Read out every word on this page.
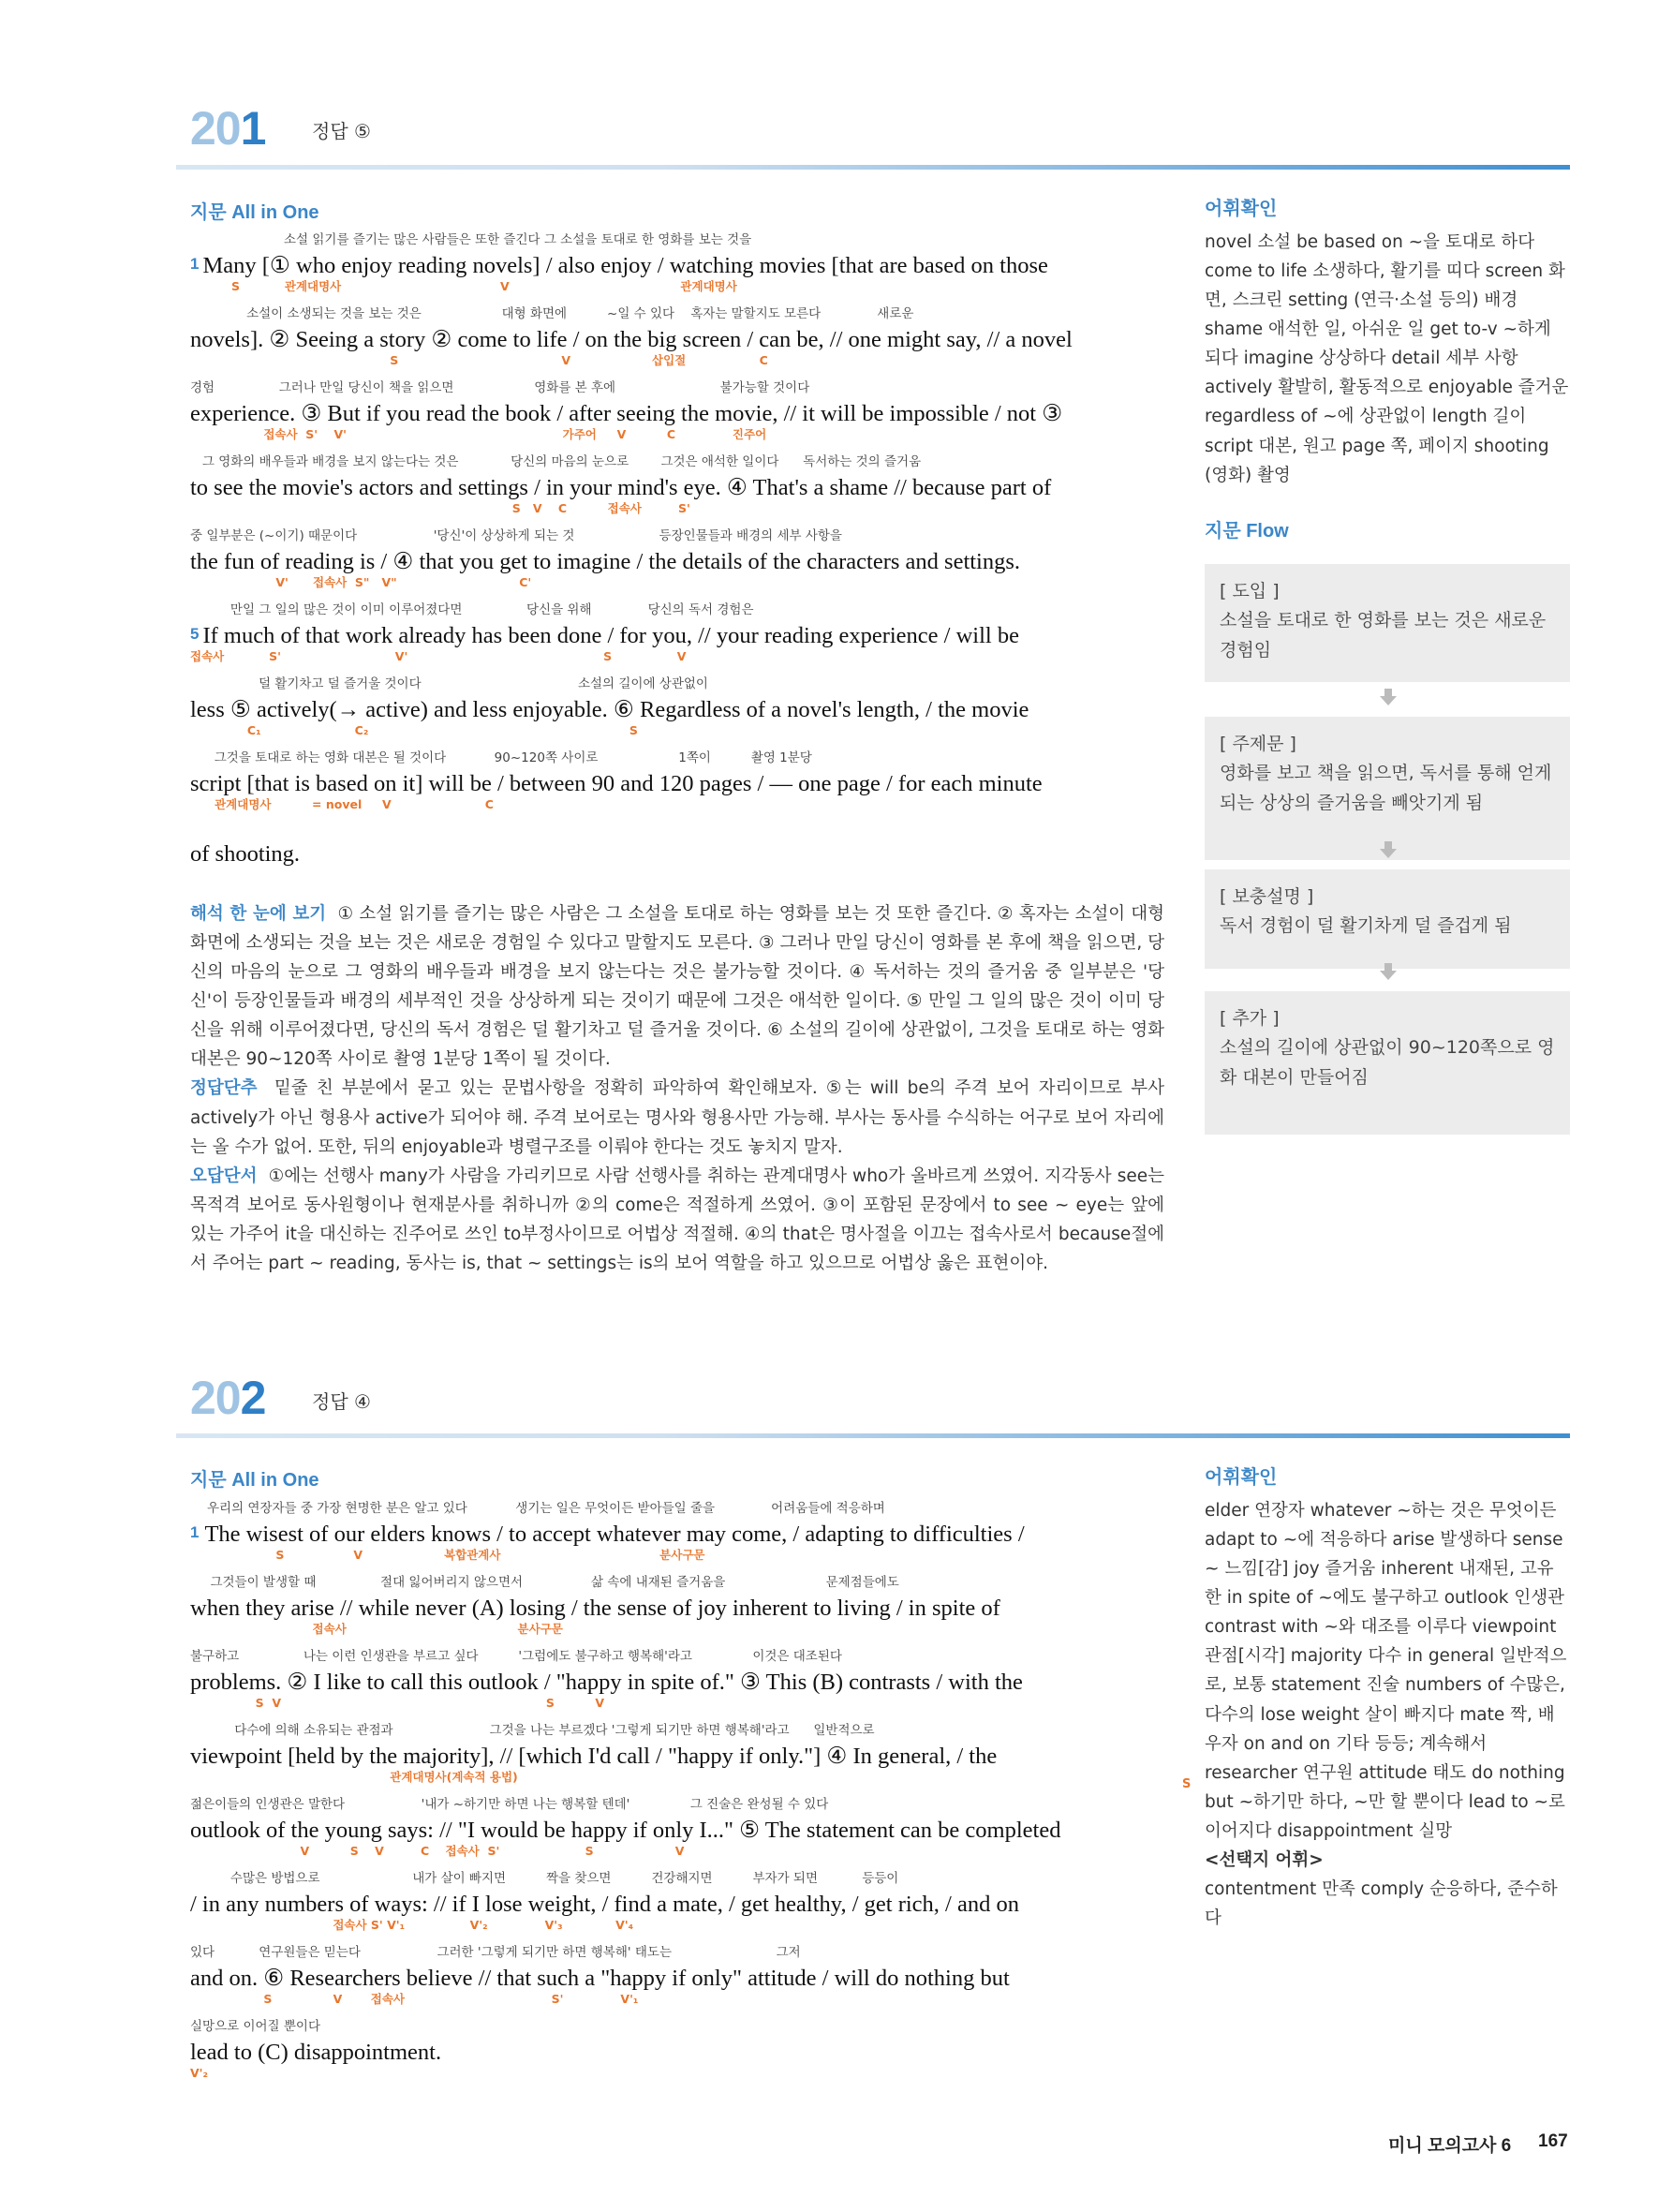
201 정답 ⑤
지문 All in One
소설 읽기를 즐기는 많은 사람들은 또한 즐긴다 그 소설을 토대로 한 영화를 보는 것을
1 Many [① who enjoy reading novels] / also enjoy / watching movies [that are based on those
S           관계대명사                                       V                                          관계대명사
소설이 소생되는 것을 보는 것은                    대형 화면에          ~일 수 있다    혹자는 말할지도 모른다              새로운
novels]. ② Seeing a story ② come to life / on the big screen / can be, // one might say, // a novel
S                                        V                    삽입절                  C
경험                그러나 만일 당신이 책을 읽으면                    영화를 본 후에                          불가능할 것이다
experience. ③ But if you read the book / after seeing the movie, // it will be impossible / not ③
접속사  S'    V'                                                     가주어     V          C              진주어
그 영화의 배우들과 배경을 보지 않는다는 것은             당신의 마음의 눈으로        그것은 애석한 일이다      독서하는 것의 즐거움
to see the movie's actors and settings / in your mind's eye. ④ That's a shame // because part of
S   V    C          접속사         S'
중 일부분은 (~이기) 때문이다                   '당신'이 상상하게 되는 것                     등장인물들과 배경의 세부 사항을
the fun of reading is / ④ that you get to imagine / the details of the characters and settings.
V'      접속사  S"   V"                              C'
만일 그 일의 많은 것이 이미 이루어졌다면                당신을 위해              당신의 독서 경험은
5 If much of that work already has been done / for you, // your reading experience / will be
접속사           S'                            V'                                                S                V
덜 활기차고 덜 즐거울 것이다                                       소설의 길이에 상관없이
less ⑤ actively(→ active) and less enjoyable. ⑥ Regardless of a novel's length, / the movie
C₁                       C₂                                                                S
그것을 토대로 하는 영화 대본은 될 것이다            90~120쪽 사이로                    1쪽이          촬영 1분당
script [that is based on it] will be / between 90 and 120 pages / — one page / for each minute
관계대명사          = novel     V                       C
of shooting.
해석 한 눈에 보기 ① 소설 읽기를 즐기는 많은 사람은 그 소설을 토대로 하는 영화를 보는 것 또한 즐긴다. ② 혹자는 소설이 대형 화면에 소생되는 것을 보는 것은 새로운 경험일 수 있다고 말할지도 모른다. ③ 그러나 만일 당신이 영화를 본 후에 책을 읽으면, 당신의 마음의 눈으로 그 영화의 배우들과 배경을 보지 않는다는 것은 불가능할 것이다. ④ 독서하는 것의 즐거움 중 일부분은 '당신'이 등장인물들과 배경의 세부적인 것을 상상하게 되는 것이기 때문에 그것은 애석한 일이다. ⑤ 만일 그 일의 많은 것이 이미 당신을 위해 이루어졌다면, 당신의 독서 경험은 덜 활기차고 덜 즐거울 것이다. ⑥ 소설의 길이에 상관없이, 그것을 토대로 하는 영화 대본은 90~120쪽 사이로 촬영 1분당 1쪽이 될 것이다.
정답단추 밑줄 친 부분에서 묻고 있는 문법사항을 정확히 파악하여 확인해보자. ⑤는 will be의 주격 보어 자리이므로 부사 actively가 아닌 형용사 active가 되어야 해. 주격 보어로는 명사와 형용사만 가능해. 부사는 동사를 수식하는 어구로 보어 자리에는 올 수가 없어. 또한, 뒤의 enjoyable과 병렬구조를 이뤄야 한다는 것도 놓치지 말자.
오답단서 ①에는 선행사 many가 사람을 가리키므로 사람 선행사를 취하는 관계대명사 who가 올바르게 쓰였어. 지각동사 see는 목적격 보어로 동사원형이나 현재분사를 취하니까 ②의 come은 적절하게 쓰였어. ③이 포함된 문장에서 to see ~ eye는 앞에 있는 가주어 it을 대신하는 진주어로 쓰인 to부정사이므로 어법상 적절해. ④의 that은 명사절을 이끄는 접속사로서 because절에서 주어는 part ~ reading, 동사는 is, that ~ settings는 is의 보어 역할을 하고 있으므로 어법상 옳은 표현이야.
어휘확인
novel 소설 be based on ~을 토대로 하다 come to life 소생하다, 활기를 띠다 screen 화면, 스크린 setting (연극·소설 등의) 배경 shame 애석한 일, 아쉬운 일 get to-v ~하게 되다 imagine 상상하다 detail 세부 사항 actively 활발히, 활동적으로 enjoyable 즐거운 regardless of ~에 상관없이 length 길이 script 대본, 원고 page 쪽, 페이지 shooting (영화) 촬영
지문 Flow
[ 도입 ]
소설을 토대로 한 영화를 보는 것은 새로운 경험임
[ 주제문 ]
영화를 보고 책을 읽으면, 독서를 통해 얻게 되는 상상의 즐거움을 빼앗기게 됨
[ 보충설명 ]
독서 경험이 덜 활기차게 덜 즐겁게 됨
[ 추가 ]
소설의 길이에 상관없이 90~120쪽으로 영화 대본이 만들어짐
202 정답 ④
지문 All in One
우리의 연장자들 중 가장 현명한 분은 알고 있다            생기는 일은 무엇이든 받아들일 줄을              어려움들에 적응하며
1 The wisest of our elders knows / to accept whatever may come, / adapting to difficulties /
S                 V                    복합관계사                                       분사구문
그것들이 발생할 때                절대 잃어버리지 않으면서                 삶 속에 내재된 즐거움을                         문제점들에도
when they arise // while never (A) losing / the sense of joy inherent to living / in spite of
접속사                                          분사구문
불구하고                나는 이런 인생관을 부르고 싶다          '그럼에도 불구하고 행복해'라고               이것은 대조된다
problems. ② I like to call this outlook / "happy in spite of." ③ This (B) contrasts / with the
S  V                                                                 S          V
다수에 의해 소유되는 관점과                        그것을 나는 부르겠다 '그렇게 되기만 하면 행복해'라고      일반적으로
viewpoint [held by the majority], // [which I'd call / "happy if only."] ④ In general, / the
관계대명사(계속적 용법)
젊은이들의 인생관은 말한다                   '내가 ~하기만 하면 나는 행복할 텐데'               그 진술은 완성될 수 있다
outlook of the young says: // "I would be happy if only I..." ⑤ The statement can be completed
V          S    V         C    접속사  S'                     S                    V
수많은 방법으로                       내가 살이 빠지면          짝을 찾으면          건강해지면          부자가 되면           등등이
/ in any numbers of ways: // if I lose weight, / find a mate, / get healthy, / get rich, / and on
접속사 S' V'₁                V'₂              V'₃             V'₄
있다           연구원들은 믿는다                   그러한 '그렇게 되기만 하면 행복해' 태도는                          그저
and on. ⑥ Researchers believe // that such a "happy if only" attitude / will do nothing but
S               V       접속사                                    S'              V'₁
실망으로 이어질 뿐이다
lead to (C) disappointment.
V'₂
어휘확인
S
elder 연장자 whatever ~하는 것은 무엇이든 adapt to ~에 적응하다 arise 발생하다 sense ~ 느낌[감] joy 즐거움 inherent 내재된, 고유한 in spite of ~에도 불구하고 outlook 인생관 contrast with ~와 대조를 이루다 viewpoint 관점[시각] majority 다수 in general 일반적으로, 보통 statement 진술 numbers of 수많은, 다수의 lose weight 살이 빠지다 mate 짝, 배우자 on and on 기타 등등; 계속해서 researcher 연구원 attitude 태도 do nothing but ~하기만 하다, ~만 할 뿐이다 lead to ~로 이어지다 disappointment 실망
<선택지 어휘>
contentment 만족 comply 순응하다, 준수하다
미니 모의고사 6 167
